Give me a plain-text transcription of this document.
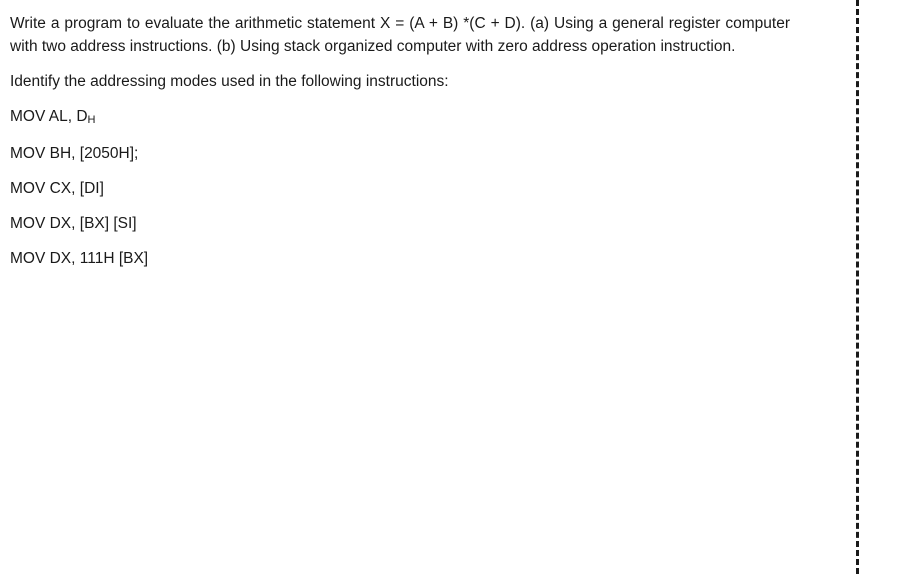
Write a program to evaluate the arithmetic statement X = (A + B) *(C + D). (a) Using a general register computer with two address instructions. (b) Using stack organized computer with zero address operation instruction.

Identify the addressing modes used in the following instructions:

MOV AL, $D_H$

MOV BH, [2050H];

MOV CX, [DI]

MOV DX, [BX] [SI]

MOV DX, 111H [BX]
